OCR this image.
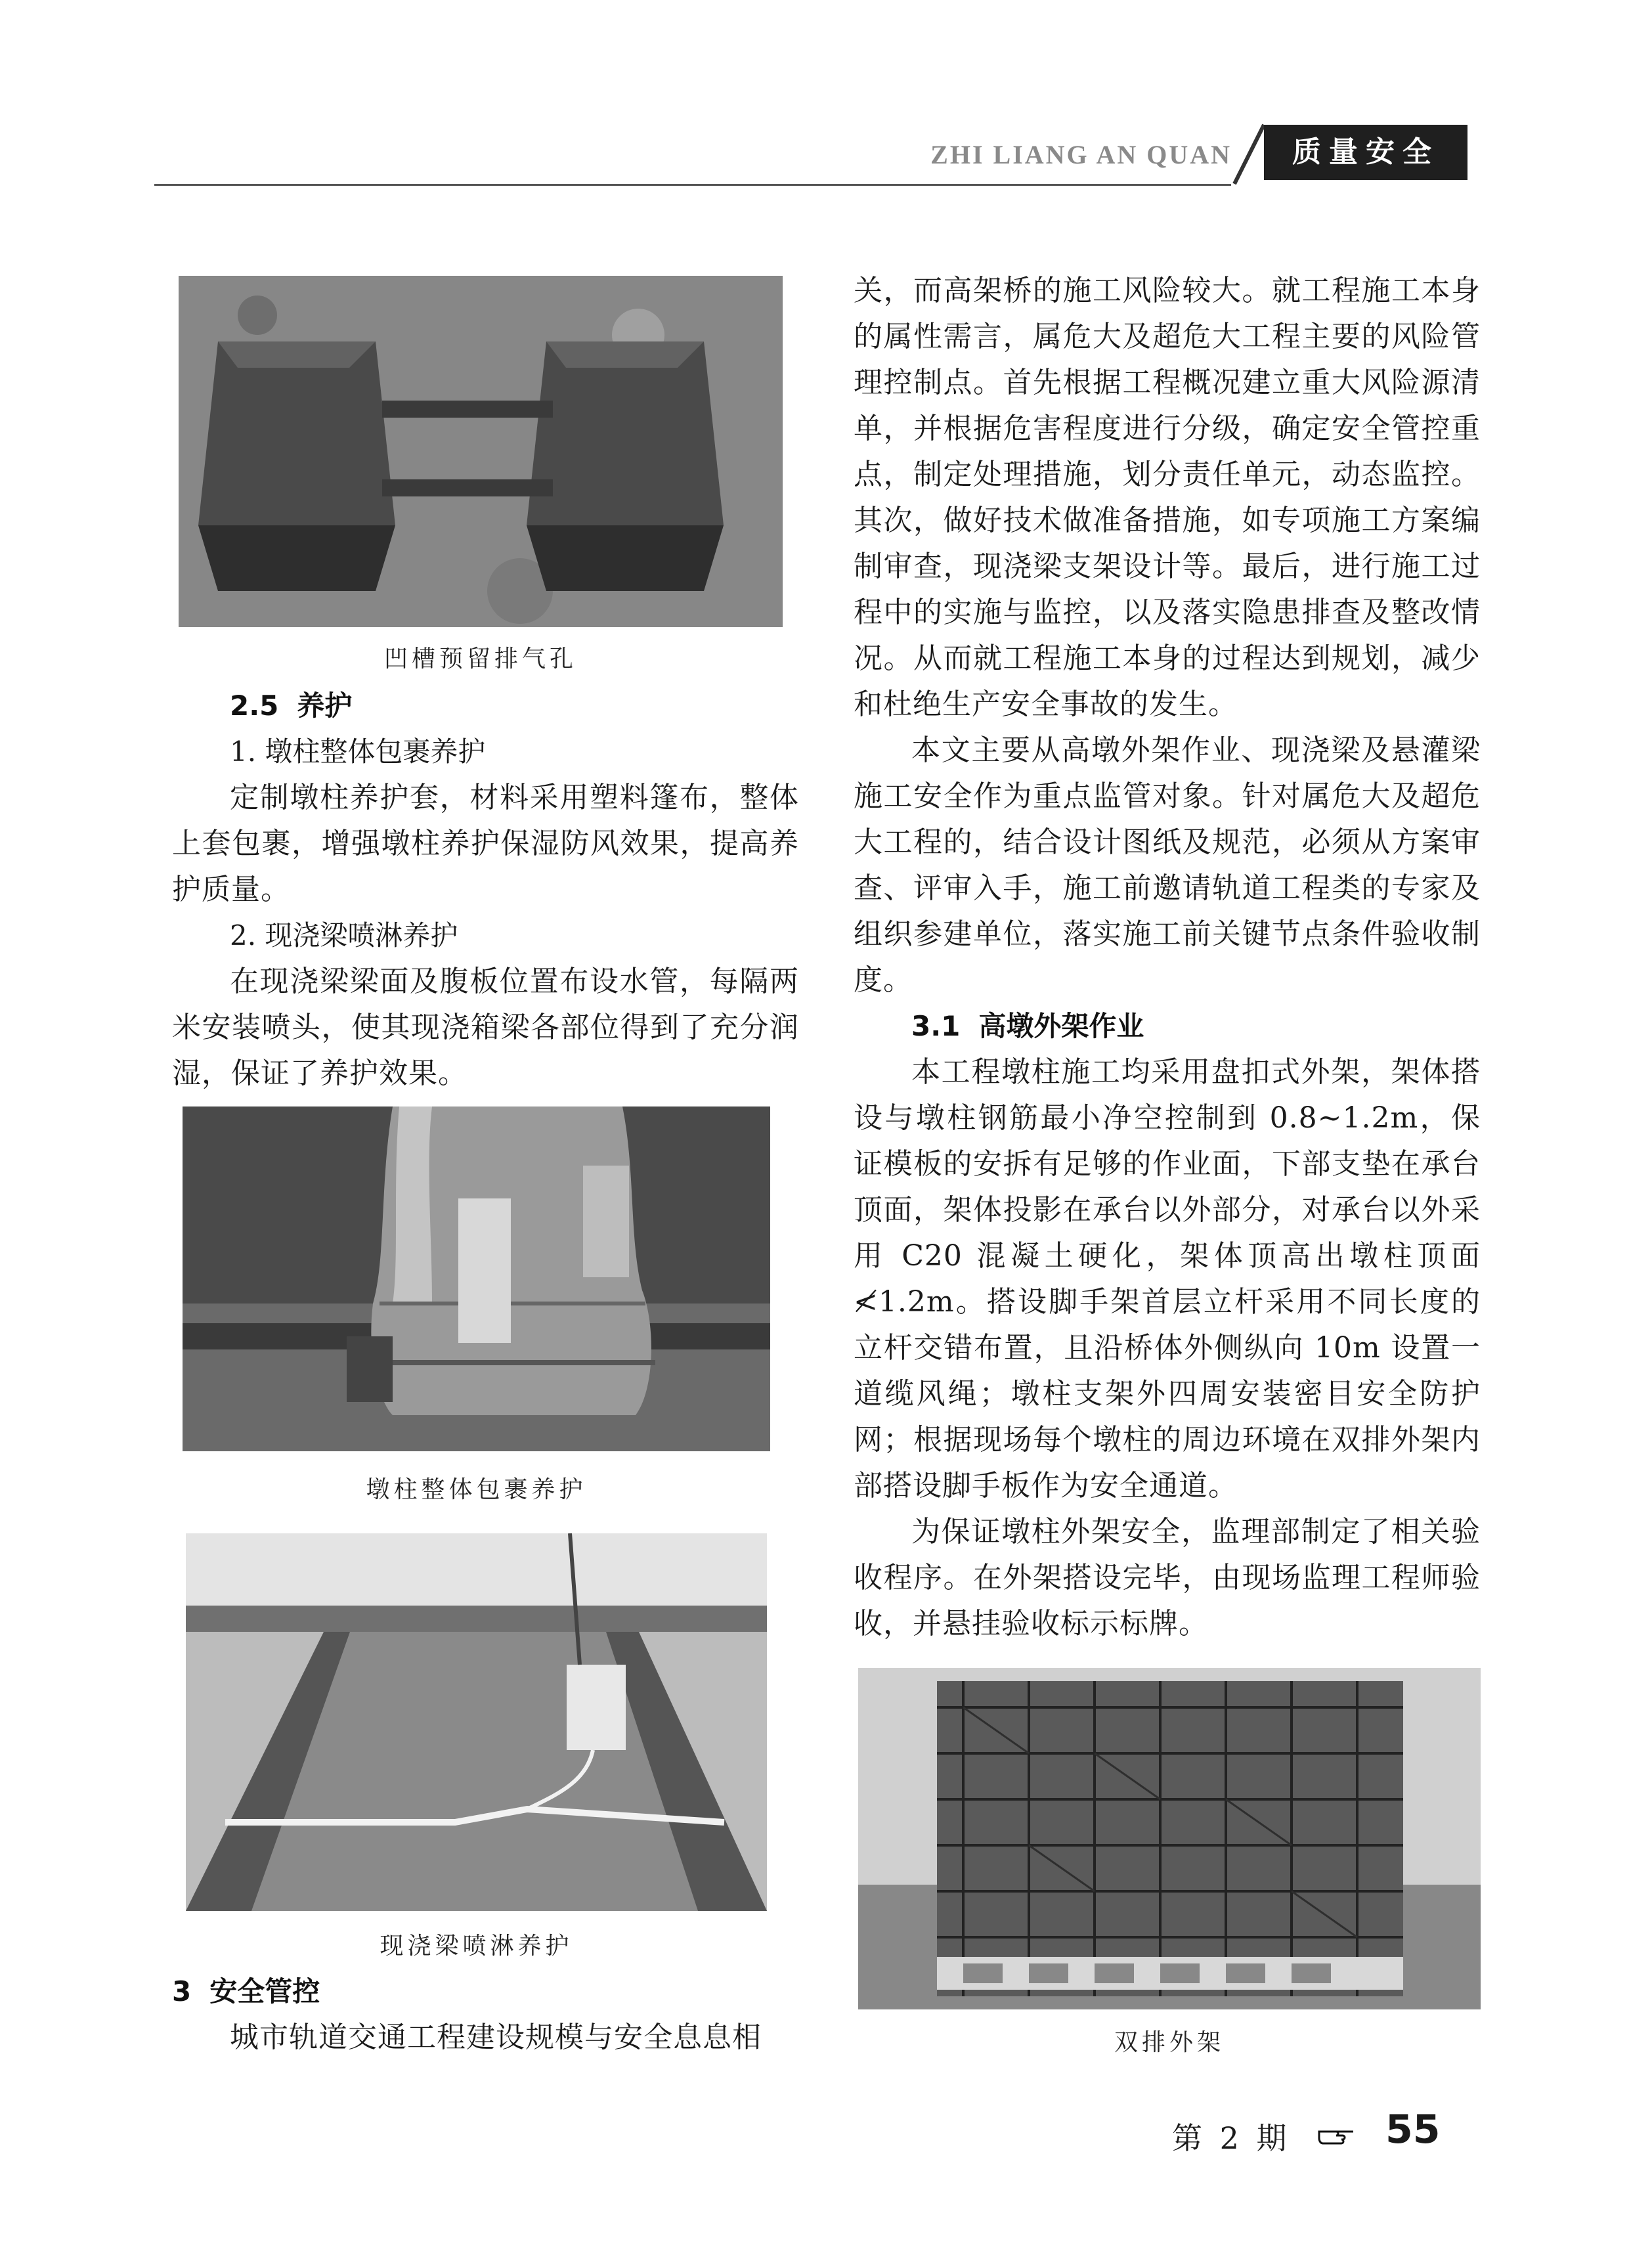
ZHI LIANG AN QUAN	质量安全
凹槽预留排气孔

2.5 养护

1. 墩柱整体包裹养护

定制墩柱养护套，材料采用塑料篷布，整体上套包裹，增强墩柱养护保湿防风效果，提高养护质量。

2. 现浇梁喷淋养护

在现浇梁梁面及腹板位置布设水管，每隔两米安装喷头，使其现浇箱梁各部位得到了充分润湿，保证了养护效果。

墩柱整体包裹养护
现浇梁喷淋养护

3 安全管控

城市轨道交通工程建设规模与安全息息相

关，而高架桥的施工风险较大。就工程施工本身的属性需言，属危大及超危大工程主要的风险管理控制点。首先根据工程概况建立重大风险源清单，并根据危害程度进行分级，确定安全管控重点，制定处理措施，划分责任单元，动态监控。其次，做好技术做准备措施，如专项施工方案编制审查，现浇梁支架设计等。最后，进行施工过程中的实施与监控，以及落实隐患排查及整改情况。从而就工程施工本身的过程达到规划，减少和杜绝生产安全事故的发生。

本文主要从高墩外架作业、现浇梁及悬灌梁施工安全作为重点监管对象。针对属危大及超危大工程的，结合设计图纸及规范，必须从方案审查、评审入手，施工前邀请轨道工程类的专家及组织参建单位，落实施工前关键节点条件验收制度。

3.1 高墩外架作业

本工程墩柱施工均采用盘扣式外架，架体搭设与墩柱钢筋最小净空控制到 0.8~1.2m，保证模板的安拆有足够的作业面，下部支垫在承台顶面，架体投影在承台以外部分，对承台以外采用 C20 混凝土硬化，架体顶高出墩柱顶面≮1.2m。搭设脚手架首层立杆采用不同长度的立杆交错布置，且沿桥体外侧纵向 10m 设置一道缆风绳；墩柱支架外四周安装密目安全防护网；根据现场每个墩柱的周边环境在双排外架内部搭设脚手板作为安全通道。

为保证墩柱外架安全，监理部制定了相关验收程序。在外架搭设完毕，由现场监理工程师验收，并悬挂验收标示标牌。

双排外架
第 2 期 55
